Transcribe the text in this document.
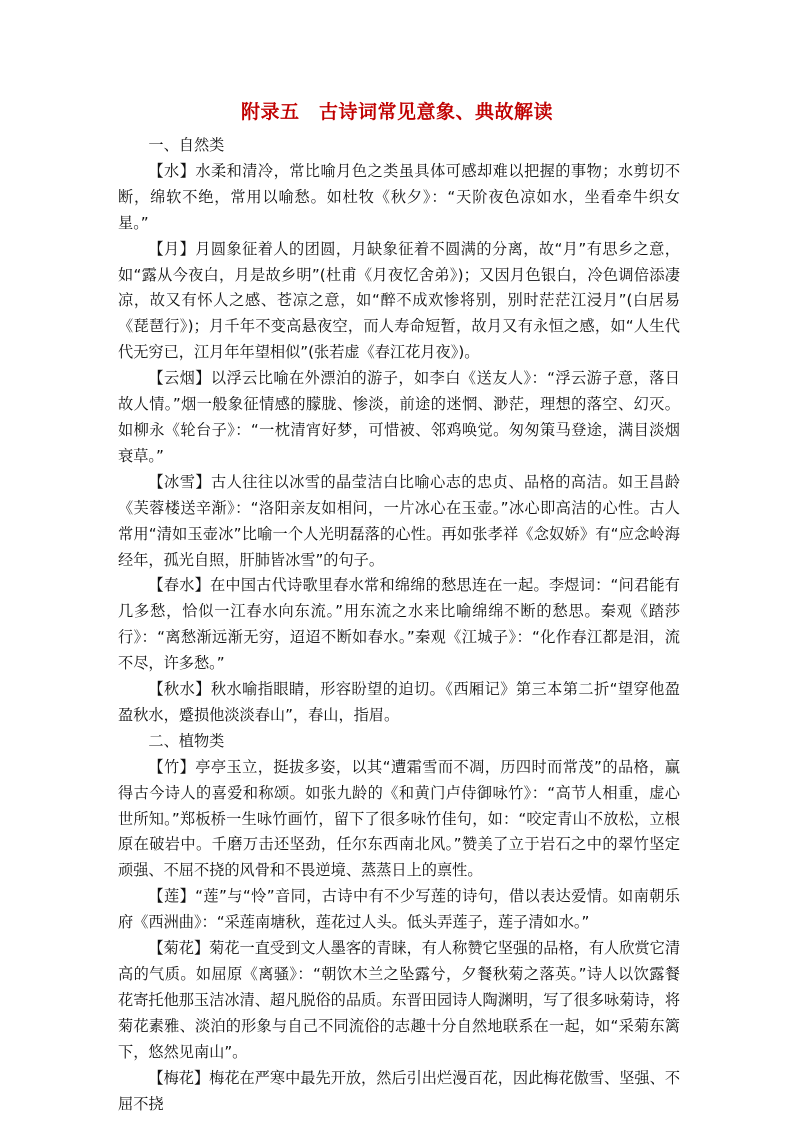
附录五　古诗词常见意象、典故解读

一、自然类

【水】水柔和清冷，常比喻月色之类虽具体可感却难以把握的事物；水剪切不断，绵软不绝，常用以喻愁。如杜牧《秋夕》：“天阶夜色凉如水，坐看牵牛织女星。”

【月】月圆象征着人的团圆，月缺象征着不圆满的分离，故“月”有思乡之意，如“露从今夜白，月是故乡明”(杜甫《月夜忆舍弟》)；又因月色银白，冷色调倍添凄凉，故又有怀人之感、苍凉之意，如“醉不成欢惨将别，别时茫茫江浸月”(白居易《琵琶行》)；月千年不变高悬夜空，而人寿命短暂，故月又有永恒之感，如“人生代代无穷已，江月年年望相似”(张若虚《春江花月夜》)。

【云烟】以浮云比喻在外漂泊的游子，如李白《送友人》：“浮云游子意，落日故人情。”烟一般象征情感的朦胧、惨淡，前途的迷惘、渺茫，理想的落空、幻灭。如柳永《轮台子》：“一枕清宵好梦，可惜被、邻鸡唤觉。匆匆策马登途，满目淡烟衰草。”

【冰雪】古人往往以冰雪的晶莹洁白比喻心志的忠贞、品格的高洁。如王昌龄《芙蓉楼送辛渐》：“洛阳亲友如相问，一片冰心在玉壶。”冰心即高洁的心性。古人常用“清如玉壶冰”比喻一个人光明磊落的心性。再如张孝祥《念奴娇》有“应念岭海经年，孤光自照，肝肺皆冰雪”的句子。

【春水】在中国古代诗歌里春水常和绵绵的愁思连在一起。李煜词：“问君能有几多愁，恰似一江春水向东流。”用东流之水来比喻绵绵不断的愁思。秦观《踏莎行》：“离愁渐远渐无穷，迢迢不断如春水。”秦观《江城子》：“化作春江都是泪，流不尽，许多愁。”

【秋水】秋水喻指眼睛，形容盼望的迫切。《西厢记》第三本第二折“望穿他盈盈秋水，蹙损他淡淡春山”，春山，指眉。

二、植物类

【竹】亭亭玉立，挺拔多姿，以其“遭霜雪而不凋，历四时而常茂”的品格，赢得古今诗人的喜爱和称颂。如张九龄的《和黄门卢侍御咏竹》：“高节人相重，虚心世所知。”郑板桥一生咏竹画竹，留下了很多咏竹佳句，如：“咬定青山不放松，立根原在破岩中。千磨万击还坚劲，任尔东西南北风。”赞美了立于岩石之中的翠竹坚定顽强、不屈不挠的风骨和不畏逆境、蒸蒸日上的禀性。

【莲】“莲”与“怜”音同，古诗中有不少写莲的诗句，借以表达爱情。如南朝乐府《西洲曲》：“采莲南塘秋，莲花过人头。低头弄莲子，莲子清如水。”

【菊花】菊花一直受到文人墨客的青睐，有人称赞它坚强的品格，有人欣赏它清高的气质。如屈原《离骚》：“朝饮木兰之坠露兮，夕餐秋菊之落英。”诗人以饮露餐花寄托他那玉洁冰清、超凡脱俗的品质。东晋田园诗人陶渊明，写了很多咏菊诗，将菊花素雅、淡泊的形象与自己不同流俗的志趣十分自然地联系在一起，如“采菊东篱下，悠然见南山”。

【梅花】梅花在严寒中最先开放，然后引出烂漫百花，因此梅花傲雪、坚强、不屈不挠
